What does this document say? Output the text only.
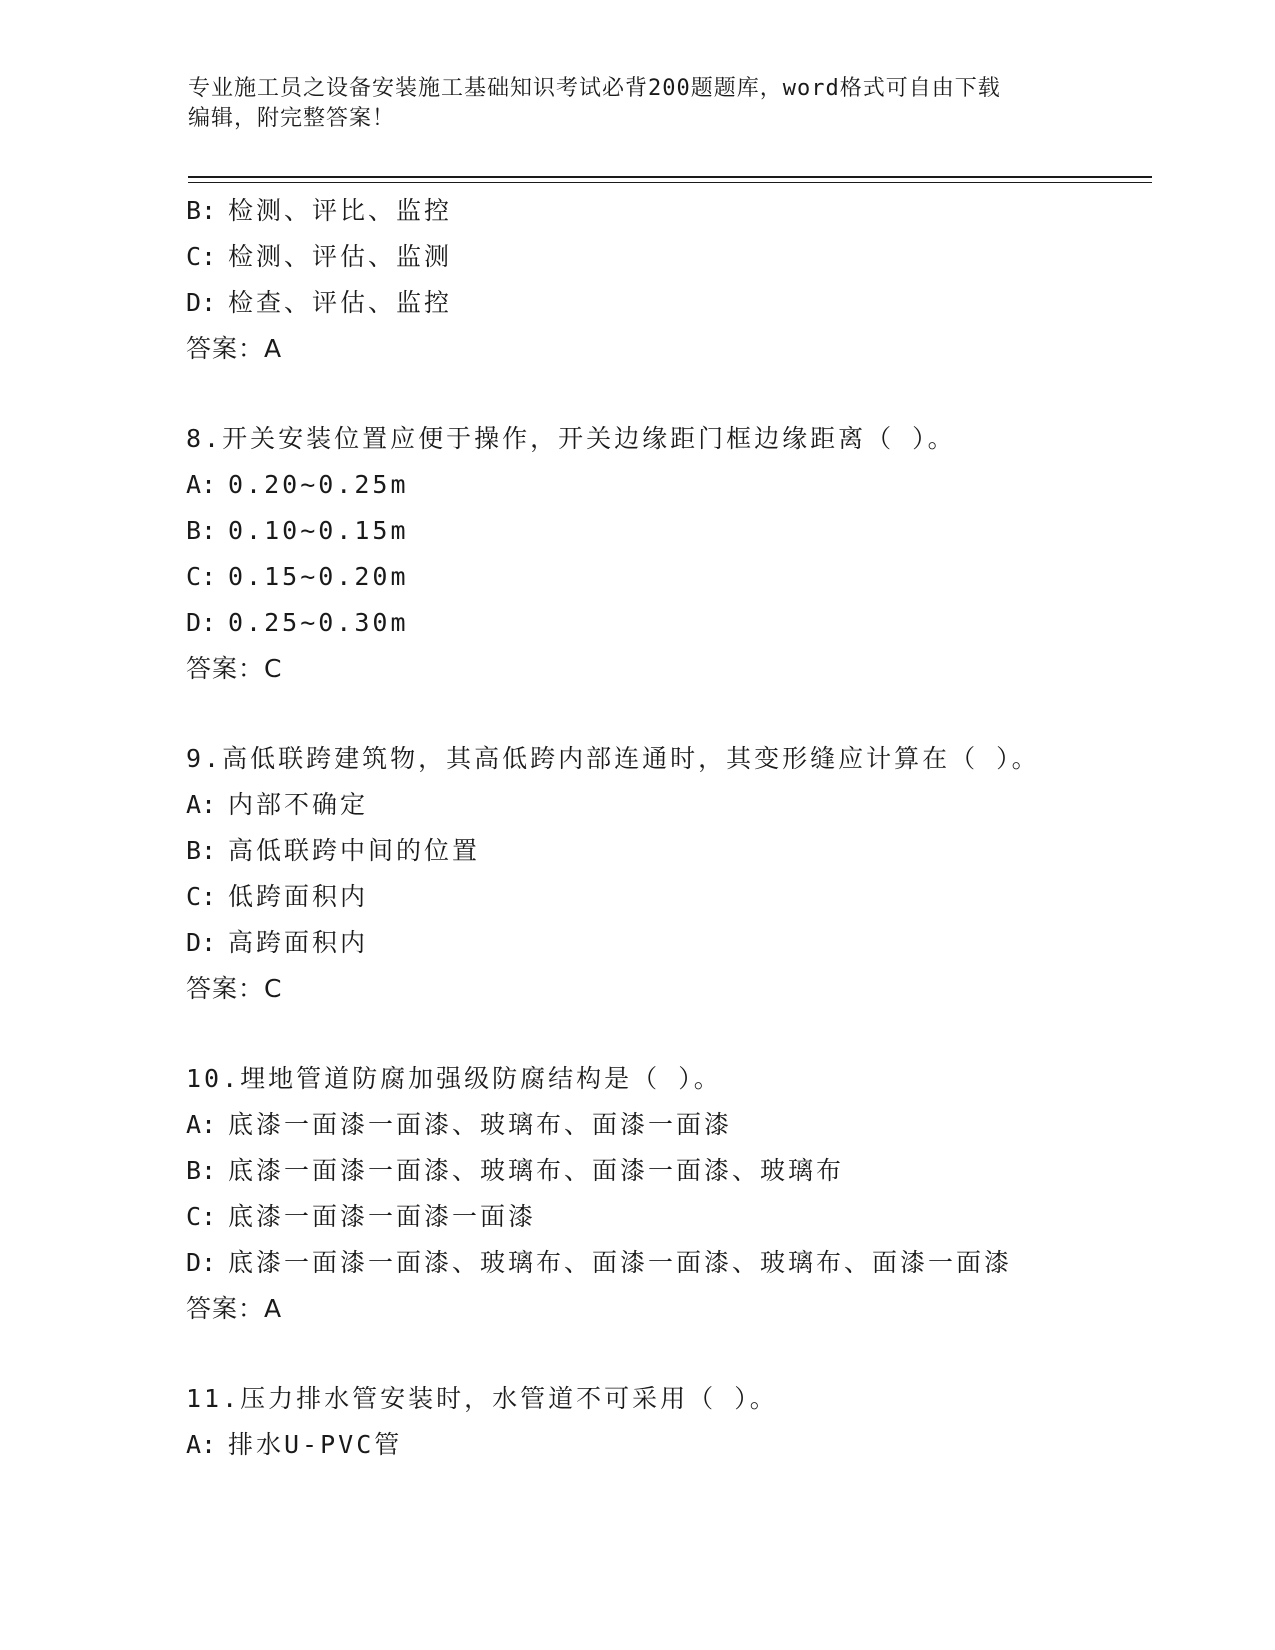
专业施工员之设备安装施工基础知识考试必背200题题库，word格式可自由下载
编辑，附完整答案！
B: 检测、评比、监控
C: 检测、评估、监测
D: 检查、评估、监控
答案：A
8.开关安装位置应便于操作，开关边缘距门框边缘距离（ ）。
A: 0.20~0.25m
B: 0.10~0.15m
C: 0.15~0.20m
D: 0.25~0.30m
答案：C
9.高低联跨建筑物，其高低跨内部连通时，其变形缝应计算在（ ）。
A: 内部不确定
B: 高低联跨中间的位置
C: 低跨面积内
D: 高跨面积内
答案：C
10.埋地管道防腐加强级防腐结构是（ ）。
A: 底漆一面漆一面漆、玻璃布、面漆一面漆
B: 底漆一面漆一面漆、玻璃布、面漆一面漆、玻璃布
C: 底漆一面漆一面漆一面漆
D: 底漆一面漆一面漆、玻璃布、面漆一面漆、玻璃布、面漆一面漆
答案：A
11.压力排水管安装时，水管道不可采用（ ）。
A: 排水U-PVC管
